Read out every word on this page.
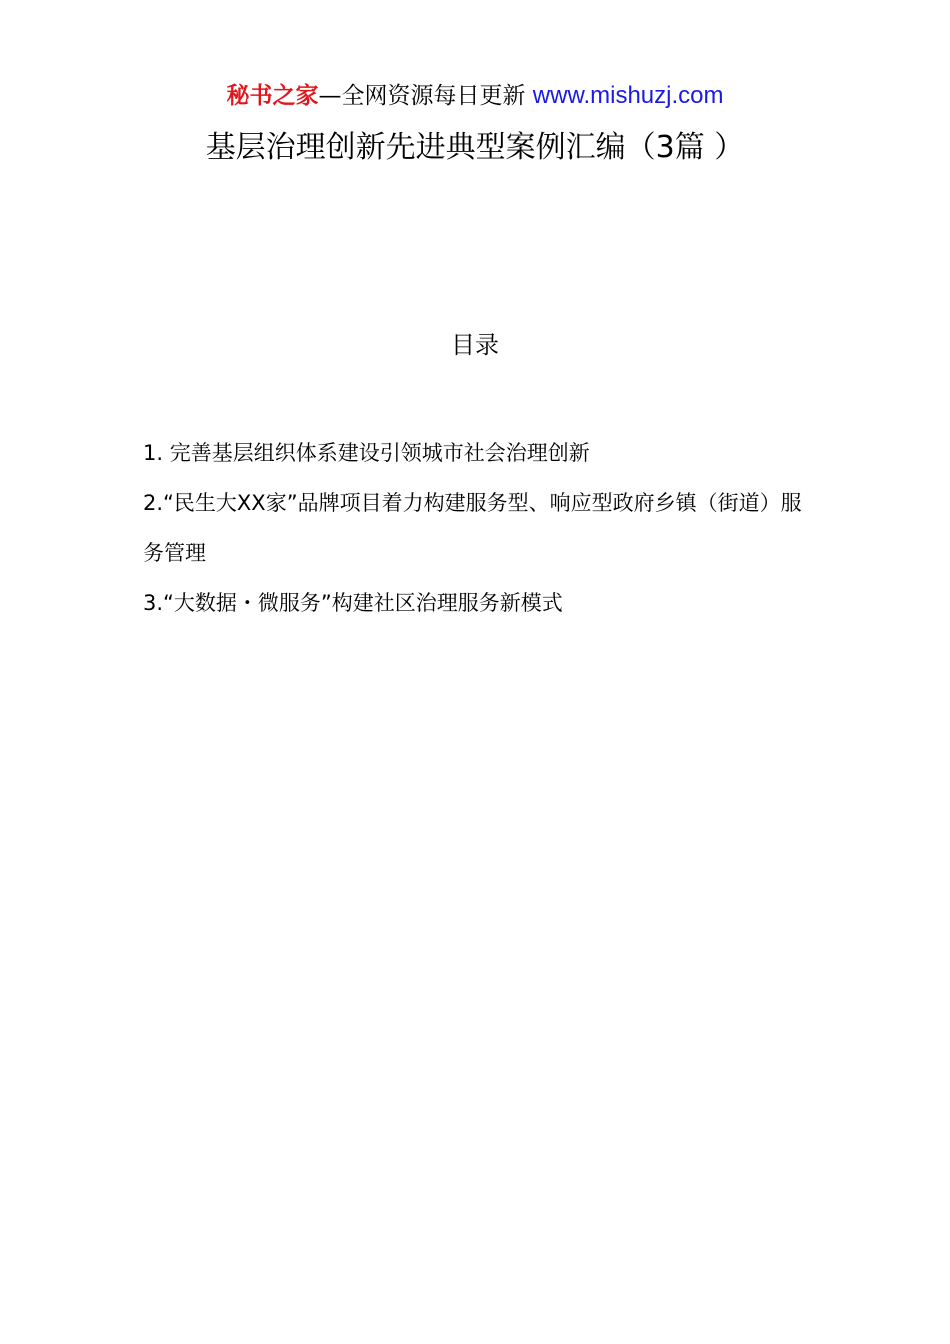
秘书之家—全网资源每日更新 www.mishuzj.com
基层治理创新先进典型案例汇编（3篇 ）
目录
1. 完善基层组织体系建设引领城市社会治理创新
2.“民生大XX家”品牌项目着力构建服务型、响应型政府乡镇（街道）服务管理
3.“大数据・微服务”构建社区治理服务新模式
